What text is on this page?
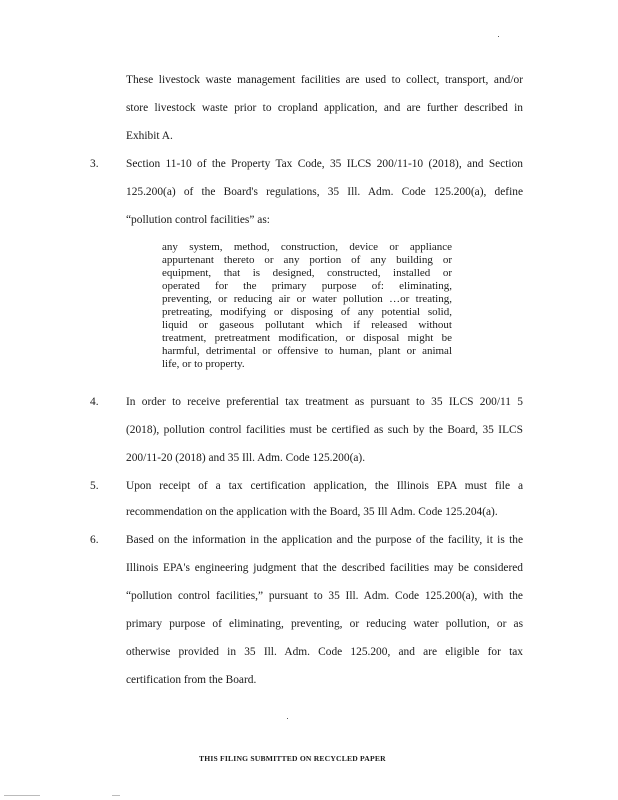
These livestock waste management facilities are used to collect, transport, and/or
store livestock waste prior to cropland application, and are further described in
Exhibit A.
3. Section 11-10 of the Property Tax Code, 35 ILCS 200/11-10 (2018), and Section
125.200(a) of the Board's regulations, 35 Ill. Adm. Code 125.200(a), define
“pollution control facilities” as:
any system, method, construction, device or appliance
appurtenant thereto or any portion of any building or
equipment, that is designed, constructed, installed or
operated for the primary purpose of: eliminating,
preventing, or reducing air or water pollution …or treating,
pretreating, modifying or disposing of any potential solid,
liquid or gaseous pollutant which if released without
treatment, pretreatment modification, or disposal might be
harmful, detrimental or offensive to human, plant or animal
life, or to property.
4. In order to receive preferential tax treatment as pursuant to 35 ILCS 200/11 5
(2018), pollution control facilities must be certified as such by the Board, 35 ILCS
200/11-20 (2018) and 35 Ill. Adm. Code 125.200(a).
5. Upon receipt of a tax certification application, the Illinois EPA must file a
recommendation on the application with the Board, 35 Ill Adm. Code 125.204(a).
6. Based on the information in the application and the purpose of the facility, it is the
Illinois EPA's engineering judgment that the described facilities may be considered
“pollution control facilities,” pursuant to 35 Ill. Adm. Code 125.200(a), with the
primary purpose of eliminating, preventing, or reducing water pollution, or as
otherwise provided in 35 Ill. Adm. Code 125.200, and are eligible for tax
certification from the Board.
THIS FILING SUBMITTED ON RECYCLED PAPER
